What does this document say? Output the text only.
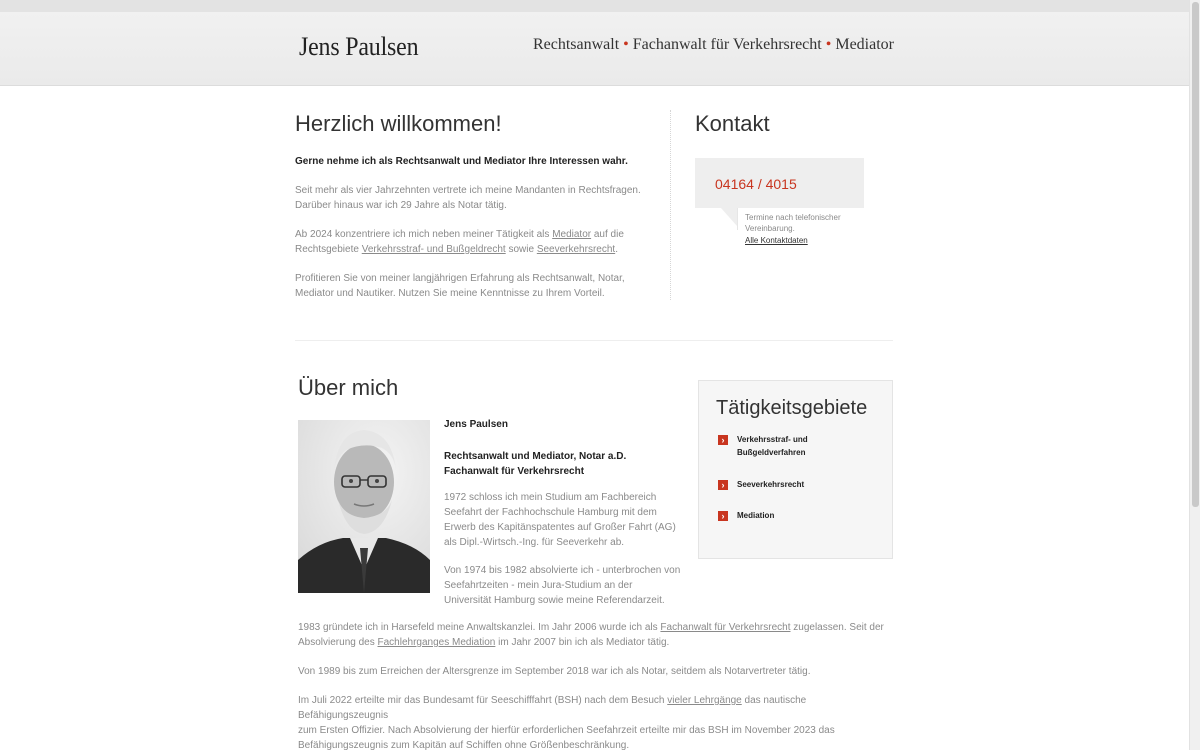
Jens Paulsen	Rechtsanwalt • Fachanwalt für Verkehrsrecht • Mediator
Herzlich willkommen!
Gerne nehme ich als Rechtsanwalt und Mediator Ihre Interessen wahr.
Seit mehr als vier Jahrzehnten vertrete ich meine Mandanten in Rechtsfragen.
Darüber hinaus war ich 29 Jahre als Notar tätig.
Ab 2024 konzentriere ich mich neben meiner Tätigkeit als Mediator auf die
Rechtsgebiete Verkehrsstraf- und Bußgeldrecht sowie Seeverkehrsrecht.
Profitieren Sie von meiner langjährigen Erfahrung als Rechtsanwalt, Notar,
Mediator und Nautiker. Nutzen Sie meine Kenntnisse zu Ihrem Vorteil.
Kontakt
04164 / 4015
Termine nach telefonischer Vereinbarung.
Alle Kontaktdaten
Über mich
Jens Paulsen
Rechtsanwalt und Mediator, Notar a.D.
Fachanwalt für Verkehrsrecht
1972 schloss ich mein Studium am Fachbereich
Seefahrt der Fachhochschule Hamburg mit dem
Erwerb des Kapitänspatentes auf Großer Fahrt (AG)
als Dipl.-Wirtsch.-Ing. für Seeverkehr ab.
Von 1974 bis 1982 absolvierte ich - unterbrochen von
Seefahrtzeiten - mein Jura-Studium an der
Universität Hamburg sowie meine Referendarzeit.
1983 gründete ich in Harsefeld meine Anwaltskanzlei. Im Jahr 2006 wurde ich als Fachanwalt für Verkehrsrecht zugelassen. Seit der
Absolvierung des Fachlehrganges Mediation im Jahr 2007 bin ich als Mediator tätig.
Von 1989 bis zum Erreichen der Altersgrenze im September 2018 war ich als Notar, seitdem als Notarvertreter tätig.
Im Juli 2022 erteilte mir das Bundesamt für Seeschifffahrt (BSH) nach dem Besuch vieler Lehrgänge das nautische Befähigungszeugnis
zum Ersten Offizier. Nach Absolvierung der hierfür erforderlichen Seefahrzeit erteilte mir das BSH im November 2023 das
Befähigungszeugnis zum Kapitän auf Schiffen ohne Größenbeschränkung.
Tätigkeitsgebiete
›	Verkehrsstraf- und Bußgeldverfahren
›	Seeverkehrsrecht
›	Mediation
